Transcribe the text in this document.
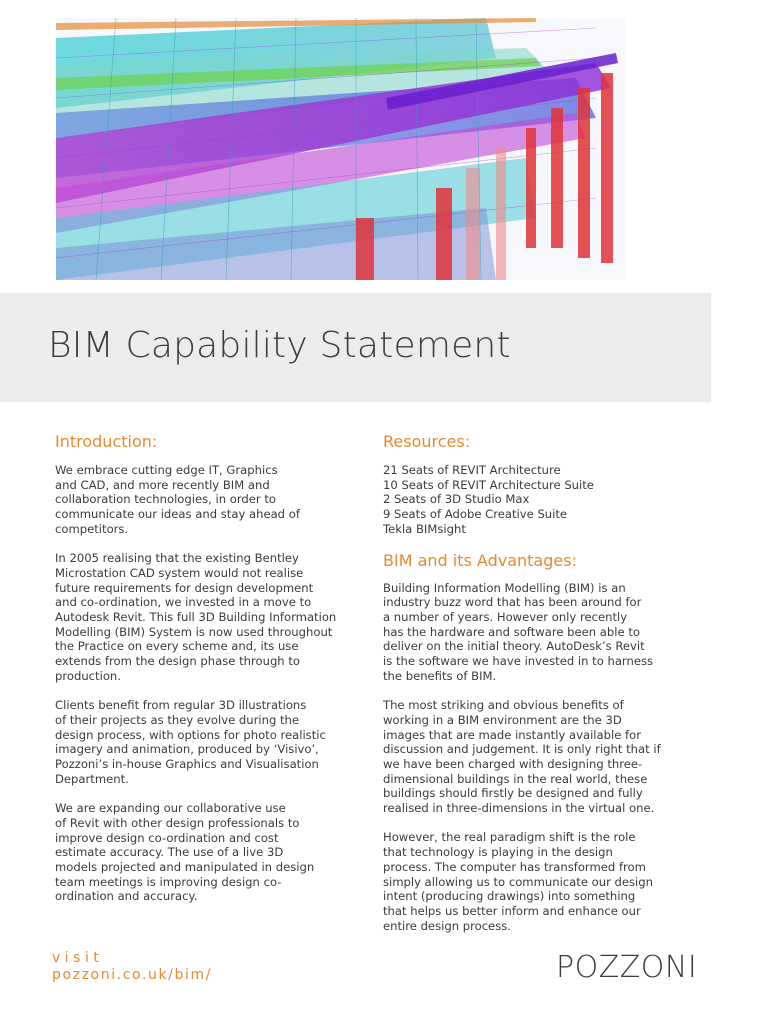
BIM Capability Statement
Introduction:

We embrace cutting edge IT, Graphics
and CAD, and more recently BIM and
collaboration technologies, in order to
communicate our ideas and stay ahead of
competitors.

In 2005 realising that the existing Bentley
Microstation CAD system would not realise
future requirements for design development
and co-ordination, we invested in a move to
Autodesk Revit. This full 3D Building Information
Modelling (BIM) System is now used throughout
the Practice on every scheme and, its use
extends from the design phase through to
production.

Clients benefit from regular 3D illustrations
of their projects as they evolve during the
design process, with options for photo realistic
imagery and animation, produced by ‘Visivo’,
Pozzoni’s in-house Graphics and Visualisation
Department.

We are expanding our collaborative use
of Revit with other design professionals to
improve design co-ordination and cost
estimate accuracy. The use of a live 3D
models projected and manipulated in design
team meetings is improving design co-
ordination and accuracy.

Resources:
21 Seats of REVIT Architecture
10 Seats of REVIT Architecture Suite
2 Seats of 3D Studio Max
9 Seats of Adobe Creative Suite
Tekla BIMsight
BIM and its Advantages:

Building Information Modelling (BIM) is an
industry buzz word that has been around for
a number of years. However only recently
has the hardware and software been able to
deliver on the initial theory. AutoDesk’s Revit
is the software we have invested in to harness
the benefits of BIM.

The most striking and obvious benefits of
working in a BIM environment are the 3D
images that are made instantly available for
discussion and judgement. It is only right that if
we have been charged with designing three-
dimensional buildings in the real world, these
buildings should firstly be designed and fully
realised in three-dimensions in the virtual one.

However, the real paradigm shift is the role
that technology is playing in the design
process. The computer has transformed from
simply allowing us to communicate our design
intent (producing drawings) into something
that helps us better inform and enhance our
entire design process.

visit
pozzoni.co.uk/bim/	POZZONI
